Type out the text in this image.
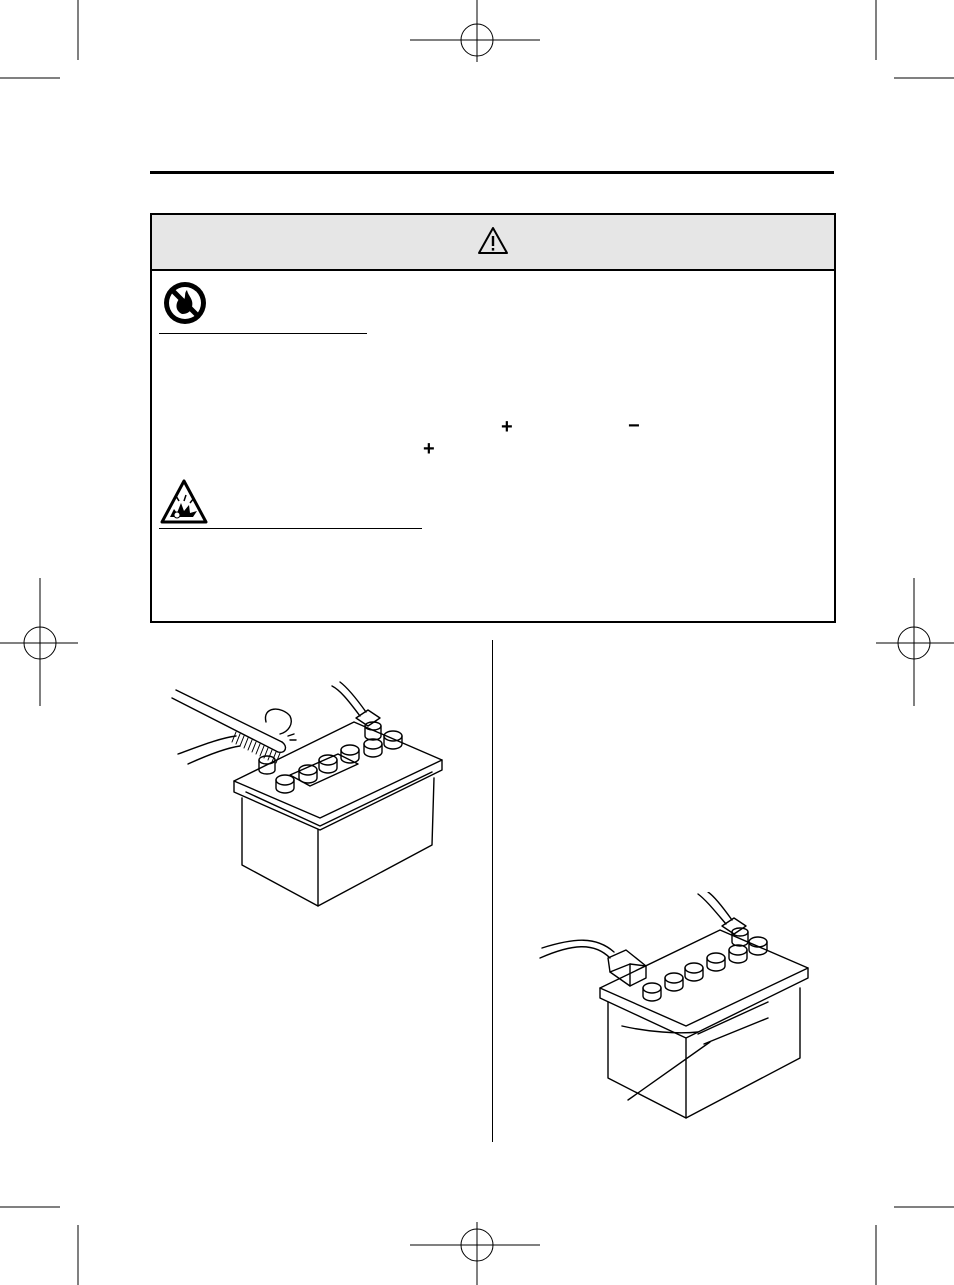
+	−
+
